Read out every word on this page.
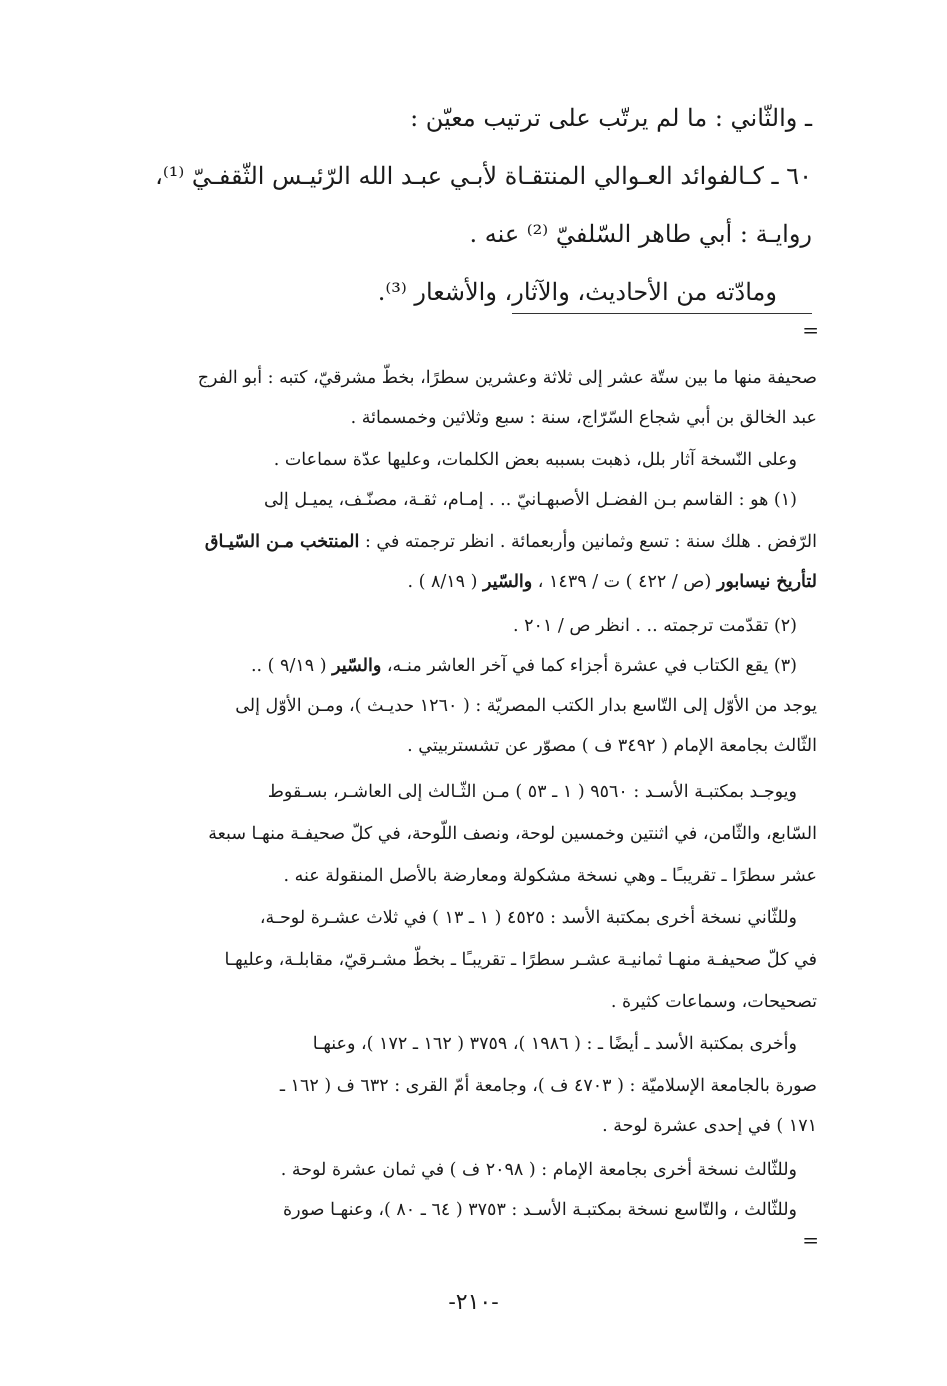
ـ والثّاني : ما لم يرتّب على ترتيب معيّن :

٦٠ ـ كـالفوائد العـوالي المنتقـاة لأبـي عبـد الله الرّئيـس الثّقفـيّ ⁽¹⁾،

روايـة : أبي طاهر السّلفيّ ⁽²⁾ عنه .

ومادّته من الأحاديث، والآثار، والأشعار ⁽³⁾.

=
صحيفة منها ما بين ستّة عشر إلى ثلاثة وعشرين سطرًا، بخطّ مشرقيّ، كتبه : أبو الفرج
عبد الخالق بن أبي شجاع السّرّاج، سنة : سبع وثلاثين وخمسمائة .
وعلى النّسخة آثار بلل، ذهبت بسببه بعض الكلمات، وعليها عدّة سماعات .
(١) هو : القاسم بـن الفضـل الأصبهـانيّ .. . إمـام، ثقـة، مصنّـف، يميـل إلى
الرّفض . هلك سنة : تسع وثمانين وأربعمائة . انظر ترجمته في : المنتخب مـن السّيـاق
لتأريخ نيسابور (ص / ٤٢٢ ) ت / ١٤٣٩ ، والسّير ( ٨/١٩ ) .
(٢) تقدّمت ترجمته .. . انظر ص / ٢٠١ .
(٣) يقع الكتاب في عشرة أجزاء كما في آخر العاشر منـه، والسّير ( ٩/١٩ ) ..
يوجد من الأوّل إلى التّاسع بدار الكتب المصريّة : ( ١٢٦٠ حديـث )، ومـن الأوّل إلى
الثّالث بجامعة الإمام ( ٣٤٩٢ ف ) مصوّر عن تشستربيتي .
ويوجـد بمكتبـة الأسـد : ٩٥٦٠ ( ١ ـ ٥٣ ) مـن الثّـالث إلى العاشـر، بسـقوط
السّابع، والثّامن، في اثنتين وخمسين لوحة، ونصف اللّوحة، في كلّ صحيفـة منهـا سبعة
عشر سطرًا ـ تقريبـًا ـ وهي نسخة مشكولة ومعارضة بالأصل المنقولة عنه .
وللثّاني نسخة أخرى بمكتبة الأسد : ٤٥٢٥ ( ١ ـ ١٣ ) في ثلاث عشـرة لوحـة،
في كلّ صحيفـة منهـا ثمانيـة عشـر سطرًا ـ تقريبـًا ـ بخطّ مشـرقيّ، مقابلـة، وعليهـا
تصحيحات، وسماعات كثيرة .
وأخرى بمكتبة الأسد ـ أيضًا ـ : ( ١٩٨٦ )، ٣٧٥٩ ( ١٦٢ ـ ١٧٢ )، وعنهـا
صورة بالجامعة الإسلاميّة : ( ٤٧٠٣ ف )، وجامعة أمّ القرى : ٦٣٢ ف ( ١٦٢ ـ
١٧١ ) في إحدى عشرة لوحة .
وللثّالث نسخة أخرى بجامعة الإمام : ( ٢٠٩٨ ف ) في ثمان عشرة لوحة .
وللثّالث ، والتّاسع نسخة بمكتبـة الأسـد : ٣٧٥٣ ( ٦٤ ـ ٨٠ )، وعنهـا صورة
=
-٢١٠-
